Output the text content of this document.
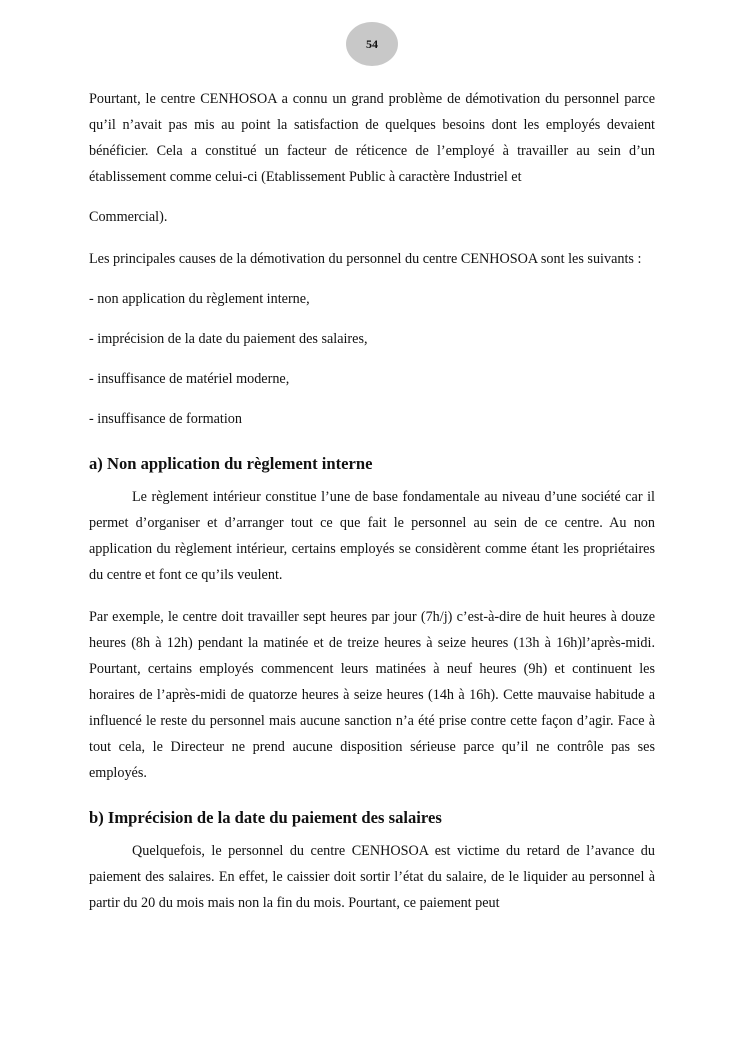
54

Pourtant, le centre CENHOSOA a connu un grand problème de démotivation du personnel parce qu’il n’avait pas mis au point la satisfaction de quelques besoins dont les employés devaient bénéficier. Cela a constitué un facteur de réticence de l’employé à travailler au sein d’un établissement comme celui-ci (Etablissement Public à caractère Industriel et

Commercial).

Les principales causes de la démotivation du personnel du centre CENHOSOA sont les suivants :

- non application du règlement interne,

- imprécision de la date du paiement des salaires,

- insuffisance de matériel moderne,

- insuffisance de formation

a) Non application du règlement interne

Le règlement intérieur constitue l’une de base fondamentale au niveau d’une société car il permet d’organiser et d’arranger tout ce que fait le personnel au sein de ce centre. Au non application du règlement intérieur, certains employés se considèrent comme étant les propriétaires du centre et font ce qu’ils veulent.

Par exemple, le centre doit travailler sept heures par jour (7h/j) c’est-à-dire de huit heures à douze heures (8h à 12h) pendant la matinée et de treize heures à seize heures (13h à 16h)l’après-midi. Pourtant, certains employés commencent leurs matinées à neuf heures (9h) et continuent les horaires de l’après-midi de quatorze heures à seize heures (14h à 16h). Cette mauvaise habitude a influencé le reste du personnel mais aucune sanction n’a été prise contre cette façon d’agir. Face à tout cela, le Directeur ne prend aucune disposition sérieuse parce qu’il ne contrôle pas ses employés.

b) Imprécision de la date du paiement des salaires

Quelquefois, le personnel du centre CENHOSOA est victime du retard de l’avance du paiement des salaires. En effet, le caissier doit sortir l’état du salaire, de le liquider au personnel à partir du 20 du mois mais non la fin du mois. Pourtant, ce paiement peut
